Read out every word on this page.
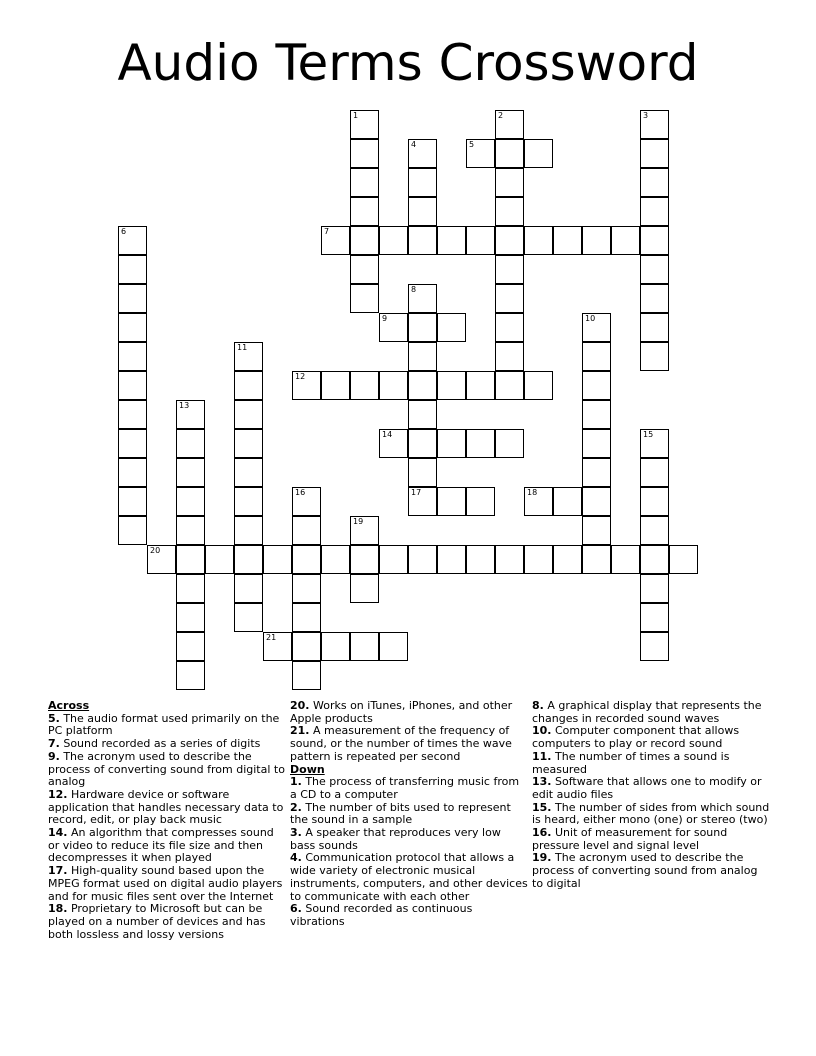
Audio Terms Crossword
5
7
9
12
14
17	18
20
21
1	2	3
4
6
8
10
11
13
15
16
19

Across

5. The audio format used primarily on the PC platform

7. Sound recorded as a series of digits

9. The acronym used to describe the process of converting sound from digital to analog

12. Hardware device or software application that handles necessary data to record, edit, or play back music

14. An algorithm that compresses sound or video to reduce its file size and then decompresses it when played

17. High-quality sound based upon the MPEG format used on digital audio players and for music files sent over the Internet

18. Proprietary to Microsoft but can be played on a number of devices and has both lossless and lossy versions

20. Works on iTunes, iPhones, and other Apple products

21. A measurement of the frequency of sound, or the number of times the wave pattern is repeated per second

Down

1. The process of transferring music from a CD to a computer

2. The number of bits used to represent the sound in a sample

3. A speaker that reproduces very low bass sounds

4. Communication protocol that allows a wide variety of electronic musical instruments, computers, and other devices to communicate with each other

6. Sound recorded as continuous vibrations

8. A graphical display that represents the changes in recorded sound waves

10. Computer component that allows computers to play or record sound

11. The number of times a sound is measured

13. Software that allows one to modify or edit audio files

15. The number of sides from which sound is heard, either mono (one) or stereo (two)

16. Unit of measurement for sound pressure level and signal level

19. The acronym used to describe the process of converting sound from analog to digital
